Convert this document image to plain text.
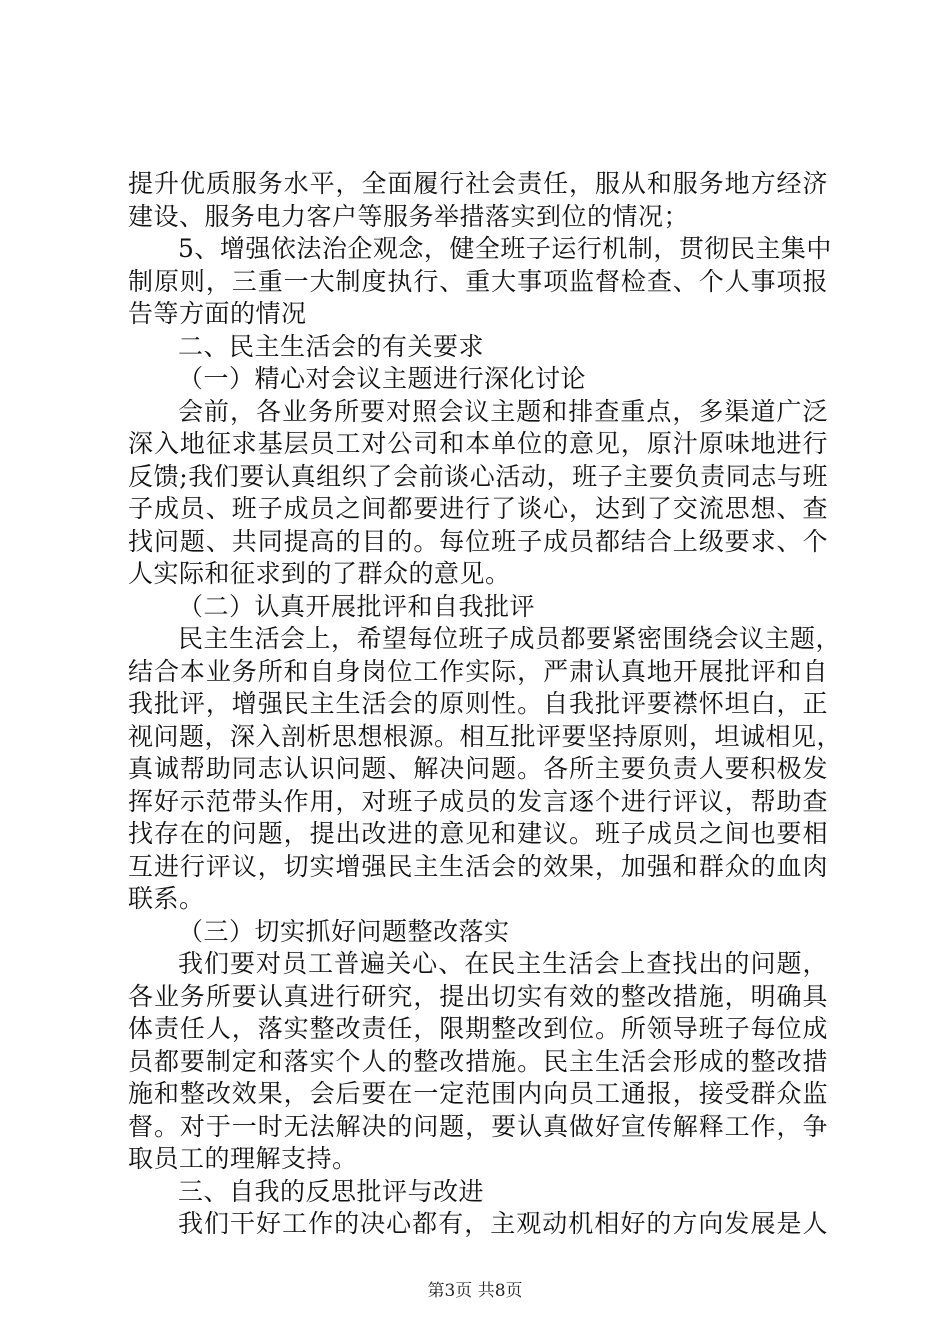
提升优质服务水平，全面履行社会责任，服从和服务地方经济
建设、服务电力客户等服务举措落实到位的情况；
5、增强依法治企观念，健全班子运行机制，贯彻民主集中
制原则，三重一大制度执行、重大事项监督检查、个人事项报
告等方面的情况
二、民主生活会的有关要求
（一）精心对会议主题进行深化讨论
会前，各业务所要对照会议主题和排查重点，多渠道广泛
深入地征求基层员工对公司和本单位的意见，原汁原味地进行
反馈;我们要认真组织了会前谈心活动，班子主要负责同志与班
子成员、班子成员之间都要进行了谈心，达到了交流思想、查
找问题、共同提高的目的。每位班子成员都结合上级要求、个
人实际和征求到的了群众的意见。
（二）认真开展批评和自我批评
民主生活会上，希望每位班子成员都要紧密围绕会议主题，
结合本业务所和自身岗位工作实际，严肃认真地开展批评和自
我批评，增强民主生活会的原则性。自我批评要襟怀坦白，正
视问题，深入剖析思想根源。相互批评要坚持原则，坦诚相见，
真诚帮助同志认识问题、解决问题。各所主要负责人要积极发
挥好示范带头作用，对班子成员的发言逐个进行评议，帮助查
找存在的问题，提出改进的意见和建议。班子成员之间也要相
互进行评议，切实增强民主生活会的效果，加强和群众的血肉
联系。
（三）切实抓好问题整改落实
我们要对员工普遍关心、在民主生活会上查找出的问题，
各业务所要认真进行研究，提出切实有效的整改措施，明确具
体责任人，落实整改责任，限期整改到位。所领导班子每位成
员都要制定和落实个人的整改措施。民主生活会形成的整改措
施和整改效果，会后要在一定范围内向员工通报，接受群众监
督。对于一时无法解决的问题，要认真做好宣传解释工作，争
取员工的理解支持。
三、自我的反思批评与改进
我们干好工作的决心都有，主观动机相好的方向发展是人
第3页 共8页
